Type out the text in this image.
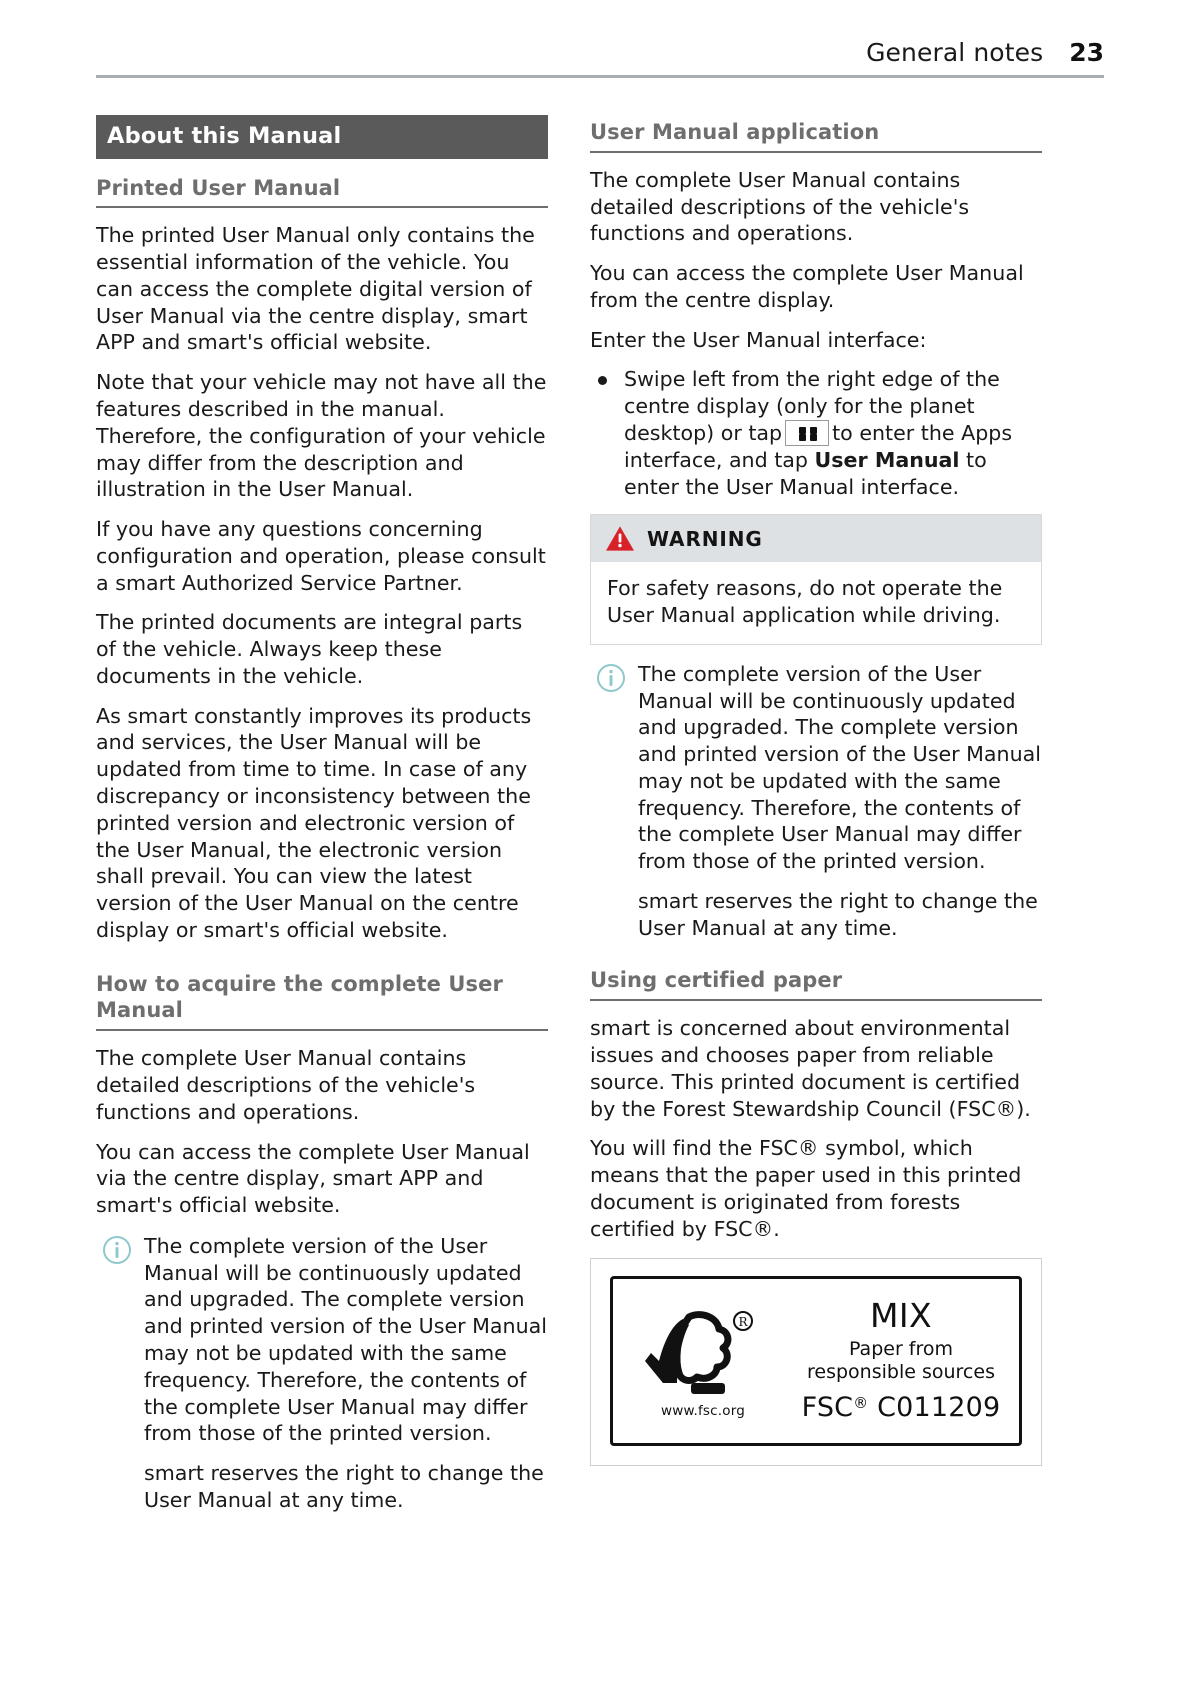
General notes 23
About this Manual
Printed User Manual

The printed User Manual only contains the essential information of the vehicle. You can access the complete digital version of User Manual via the centre display, smart APP and smart's official website.

Note that your vehicle may not have all the features described in the manual. Therefore, the configuration of your vehicle may differ from the description and illustration in the User Manual.

If you have any questions concerning configuration and operation, please consult a smart Authorized Service Partner.

The printed documents are integral parts of the vehicle. Always keep these documents in the vehicle.

As smart constantly improves its products and services, the User Manual will be updated from time to time. In case of any discrepancy or inconsistency between the printed version and electronic version of the User Manual, the electronic version shall prevail. You can view the latest version of the User Manual on the centre display or smart's official website.

How to acquire the complete User Manual

The complete User Manual contains detailed descriptions of the vehicle's functions and operations.

You can access the complete User Manual via the centre display, smart APP and smart's official website.

The complete version of the User Manual will be continuously updated and upgraded. The complete version and printed version of the User Manual may not be updated with the same frequency. Therefore, the contents of the complete User Manual may differ from those of the printed version.

smart reserves the right to change the User Manual at any time.

User Manual application

The complete User Manual contains detailed descriptions of the vehicle's functions and operations.

You can access the complete User Manual from the centre display.

Enter the User Manual interface:

Swipe left from the right edge of the centre display (only for the planet desktop) or tap to enter the Apps interface, and tap User Manual to enter the User Manual interface.
WARNING

For safety reasons, do not operate the User Manual application while driving.

The complete version of the User Manual will be continuously updated and upgraded. The complete version and printed version of the User Manual may not be updated with the same frequency. Therefore, the contents of the complete User Manual may differ from those of the printed version.

smart reserves the right to change the User Manual at any time.

Using certified paper

smart is concerned about environmental issues and chooses paper from reliable source. This printed document is certified by the Forest Stewardship Council (FSC®).

You will find the FSC® symbol, which means that the paper used in this printed document is originated from forests certified by FSC®.

R
www.fsc.org
MIX
Paper from
responsible sources
FSC® C011209
